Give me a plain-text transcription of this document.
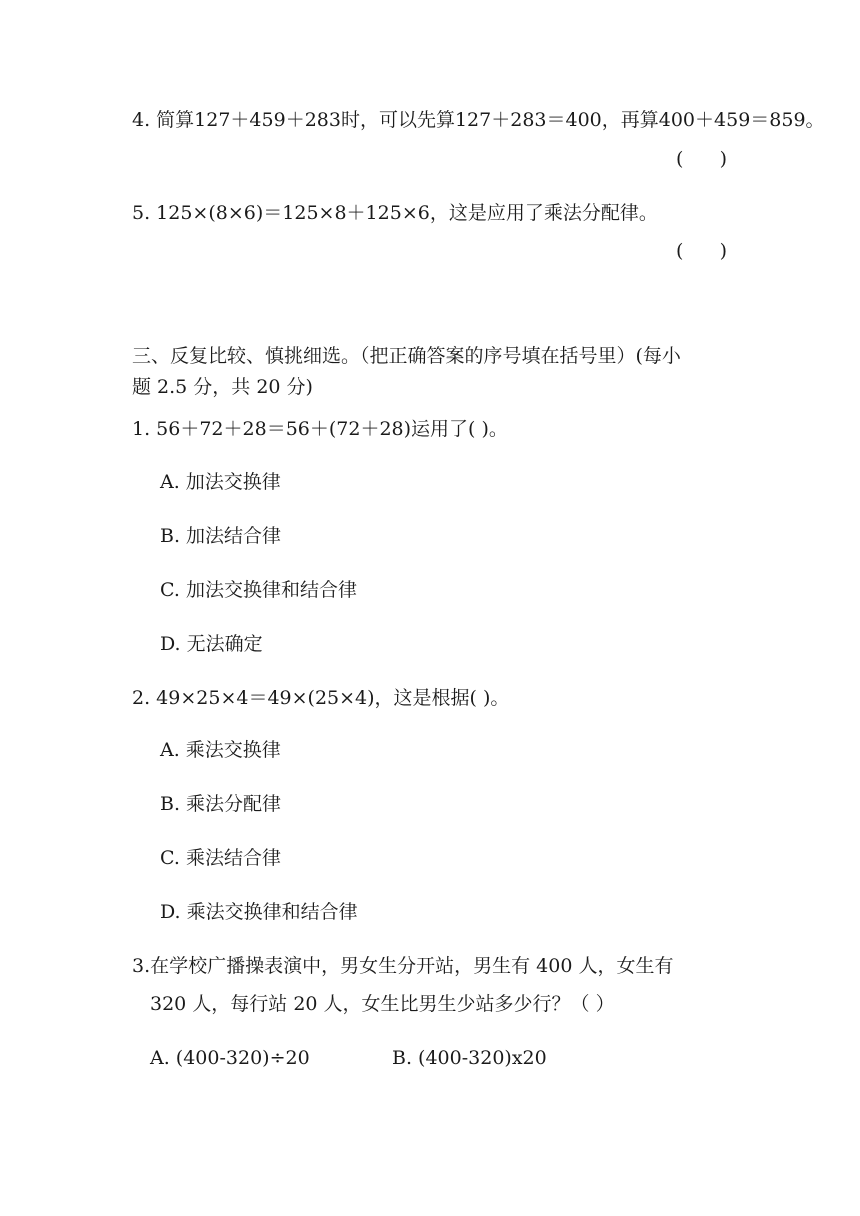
4. 简算127＋459＋283时，可以先算127＋283＝400，再算400＋459＝859。
(      )
5. 125×(8×6)＝125×8＋125×6，这是应用了乘法分配律。
(      )
三、反复比较、慎挑细选。（把正确答案的序号填在括号里）(每小
题 2.5 分，共 20 分)
1. 56＋72＋28＝56＋(72＋28)运用了( )。
A. 加法交换律
B. 加法结合律
C. 加法交换律和结合律
D. 无法确定
2. 49×25×4＝49×(25×4)，这是根据( )。
A. 乘法交换律
B. 乘法分配律
C. 乘法结合律
D. 乘法交换律和结合律
3.在学校广播操表演中，男女生分开站，男生有 400 人，女生有
320 人，每行站 20 人，女生比男生少站多少行？（ ）
A. (400-320)÷20	B. (400-320)x20
